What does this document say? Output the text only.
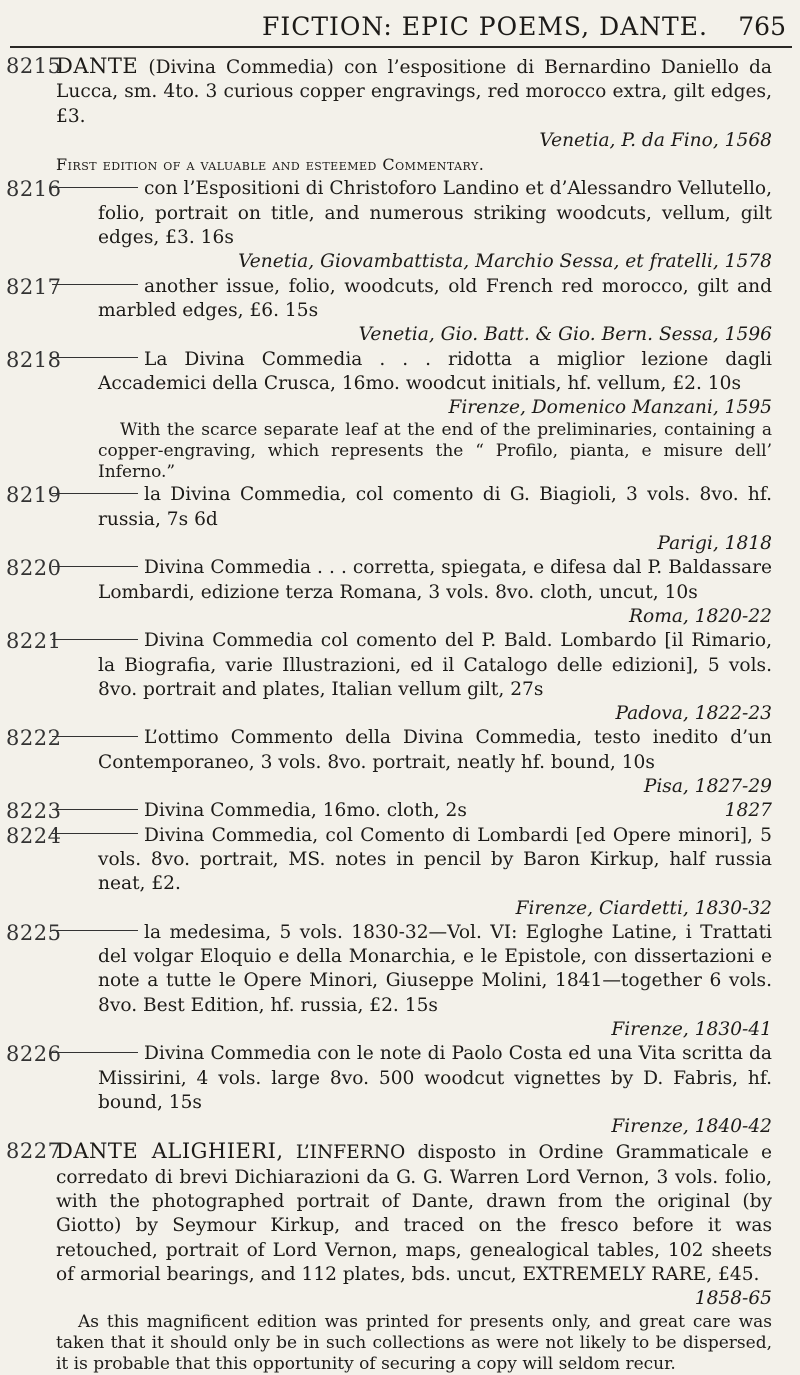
FICTION: EPIC POEMS, DANTE. 765
8215
DANTE (Divina Commedia) con l’espositione di Bernardino Daniello da Lucca, sm. 4to. 3 curious copper engravings, red morocco extra, gilt edges, £3.
Venetia, P. da Fino, 1568
First edition of a valuable and esteemed Commentary.
8216	con l’Espositioni di Christoforo Landino et d’Alessandro Vellutello, folio, portrait on title, and numerous striking woodcuts, vellum, gilt edges, £3. 16s
Venetia, Giovambattista, Marchio Sessa, et fratelli, 1578
8217	another issue, folio, woodcuts, old French red morocco, gilt and marbled edges, £6. 15s
Venetia, Gio. Batt. & Gio. Bern. Sessa, 1596
8218	La Divina Commedia . . . ridotta a miglior lezione dagli Accademici della Crusca, 16mo. woodcut initials, hf. vellum, £2. 10s
Firenze, Domenico Manzani, 1595
With the scarce separate leaf at the end of the preliminaries, containing a copper-engraving, which represents the “ Profilo, pianta, e misure dell’ Inferno.”
8219	la Divina Commedia, col comento di G. Biagioli, 3 vols. 8vo. hf. russia, 7s 6d
Parigi, 1818
8220	Divina Commedia . . . corretta, spiegata, e difesa dal P. Baldassare Lombardi, edizione terza Romana, 3 vols. 8vo. cloth, uncut, 10s
Roma, 1820-22
8221	Divina Commedia col comento del P. Bald. Lombardo [il Rimario, la Biografia, varie Illustrazioni, ed il Catalogo delle edizioni], 5 vols. 8vo. portrait and plates, Italian vellum gilt, 27s
Padova, 1822-23
8222	L’ottimo Commento della Divina Commedia, testo inedito d’un Contemporaneo, 3 vols. 8vo. portrait, neatly hf. bound, 10s
Pisa, 1827-29
8223	Divina Commedia, 16mo. cloth, 2s	1827
8224	Divina Commedia, col Comento di Lombardi [ed Opere minori], 5 vols. 8vo. portrait, MS. notes in pencil by Baron Kirkup, half russia neat, £2.
Firenze, Ciardetti, 1830-32
8225	la medesima, 5 vols. 1830-32—Vol. VI: Egloghe Latine, i Trattati del volgar Eloquio e della Monarchia, e le Epistole, con dissertazioni e note a tutte le Opere Minori, Giuseppe Molini, 1841—together 6 vols. 8vo. Best Edition, hf. russia, £2. 15s
Firenze, 1830-41
8226	Divina Commedia con le note di Paolo Costa ed una Vita scritta da Missirini, 4 vols. large 8vo. 500 woodcut vignettes by D. Fabris, hf. bound, 15s
Firenze, 1840-42
8227
DANTE ALIGHIERI, L’INFERNO disposto in Ordine Grammaticale e corredato di brevi Dichiarazioni da G. G. Warren Lord Vernon, 3 vols. folio, with the photographed portrait of Dante, drawn from the original (by Giotto) by Seymour Kirkup, and traced on the fresco before it was retouched, portrait of Lord Vernon, maps, genealogical tables, 102 sheets of armorial bearings, and 112 plates, bds. uncut, EXTREMELY RARE, £45.
1858-65
As this magnificent edition was printed for presents only, and great care was taken that it should only be in such collections as were not likely to be dispersed, it is probable that this opportunity of securing a copy will seldom recur.
